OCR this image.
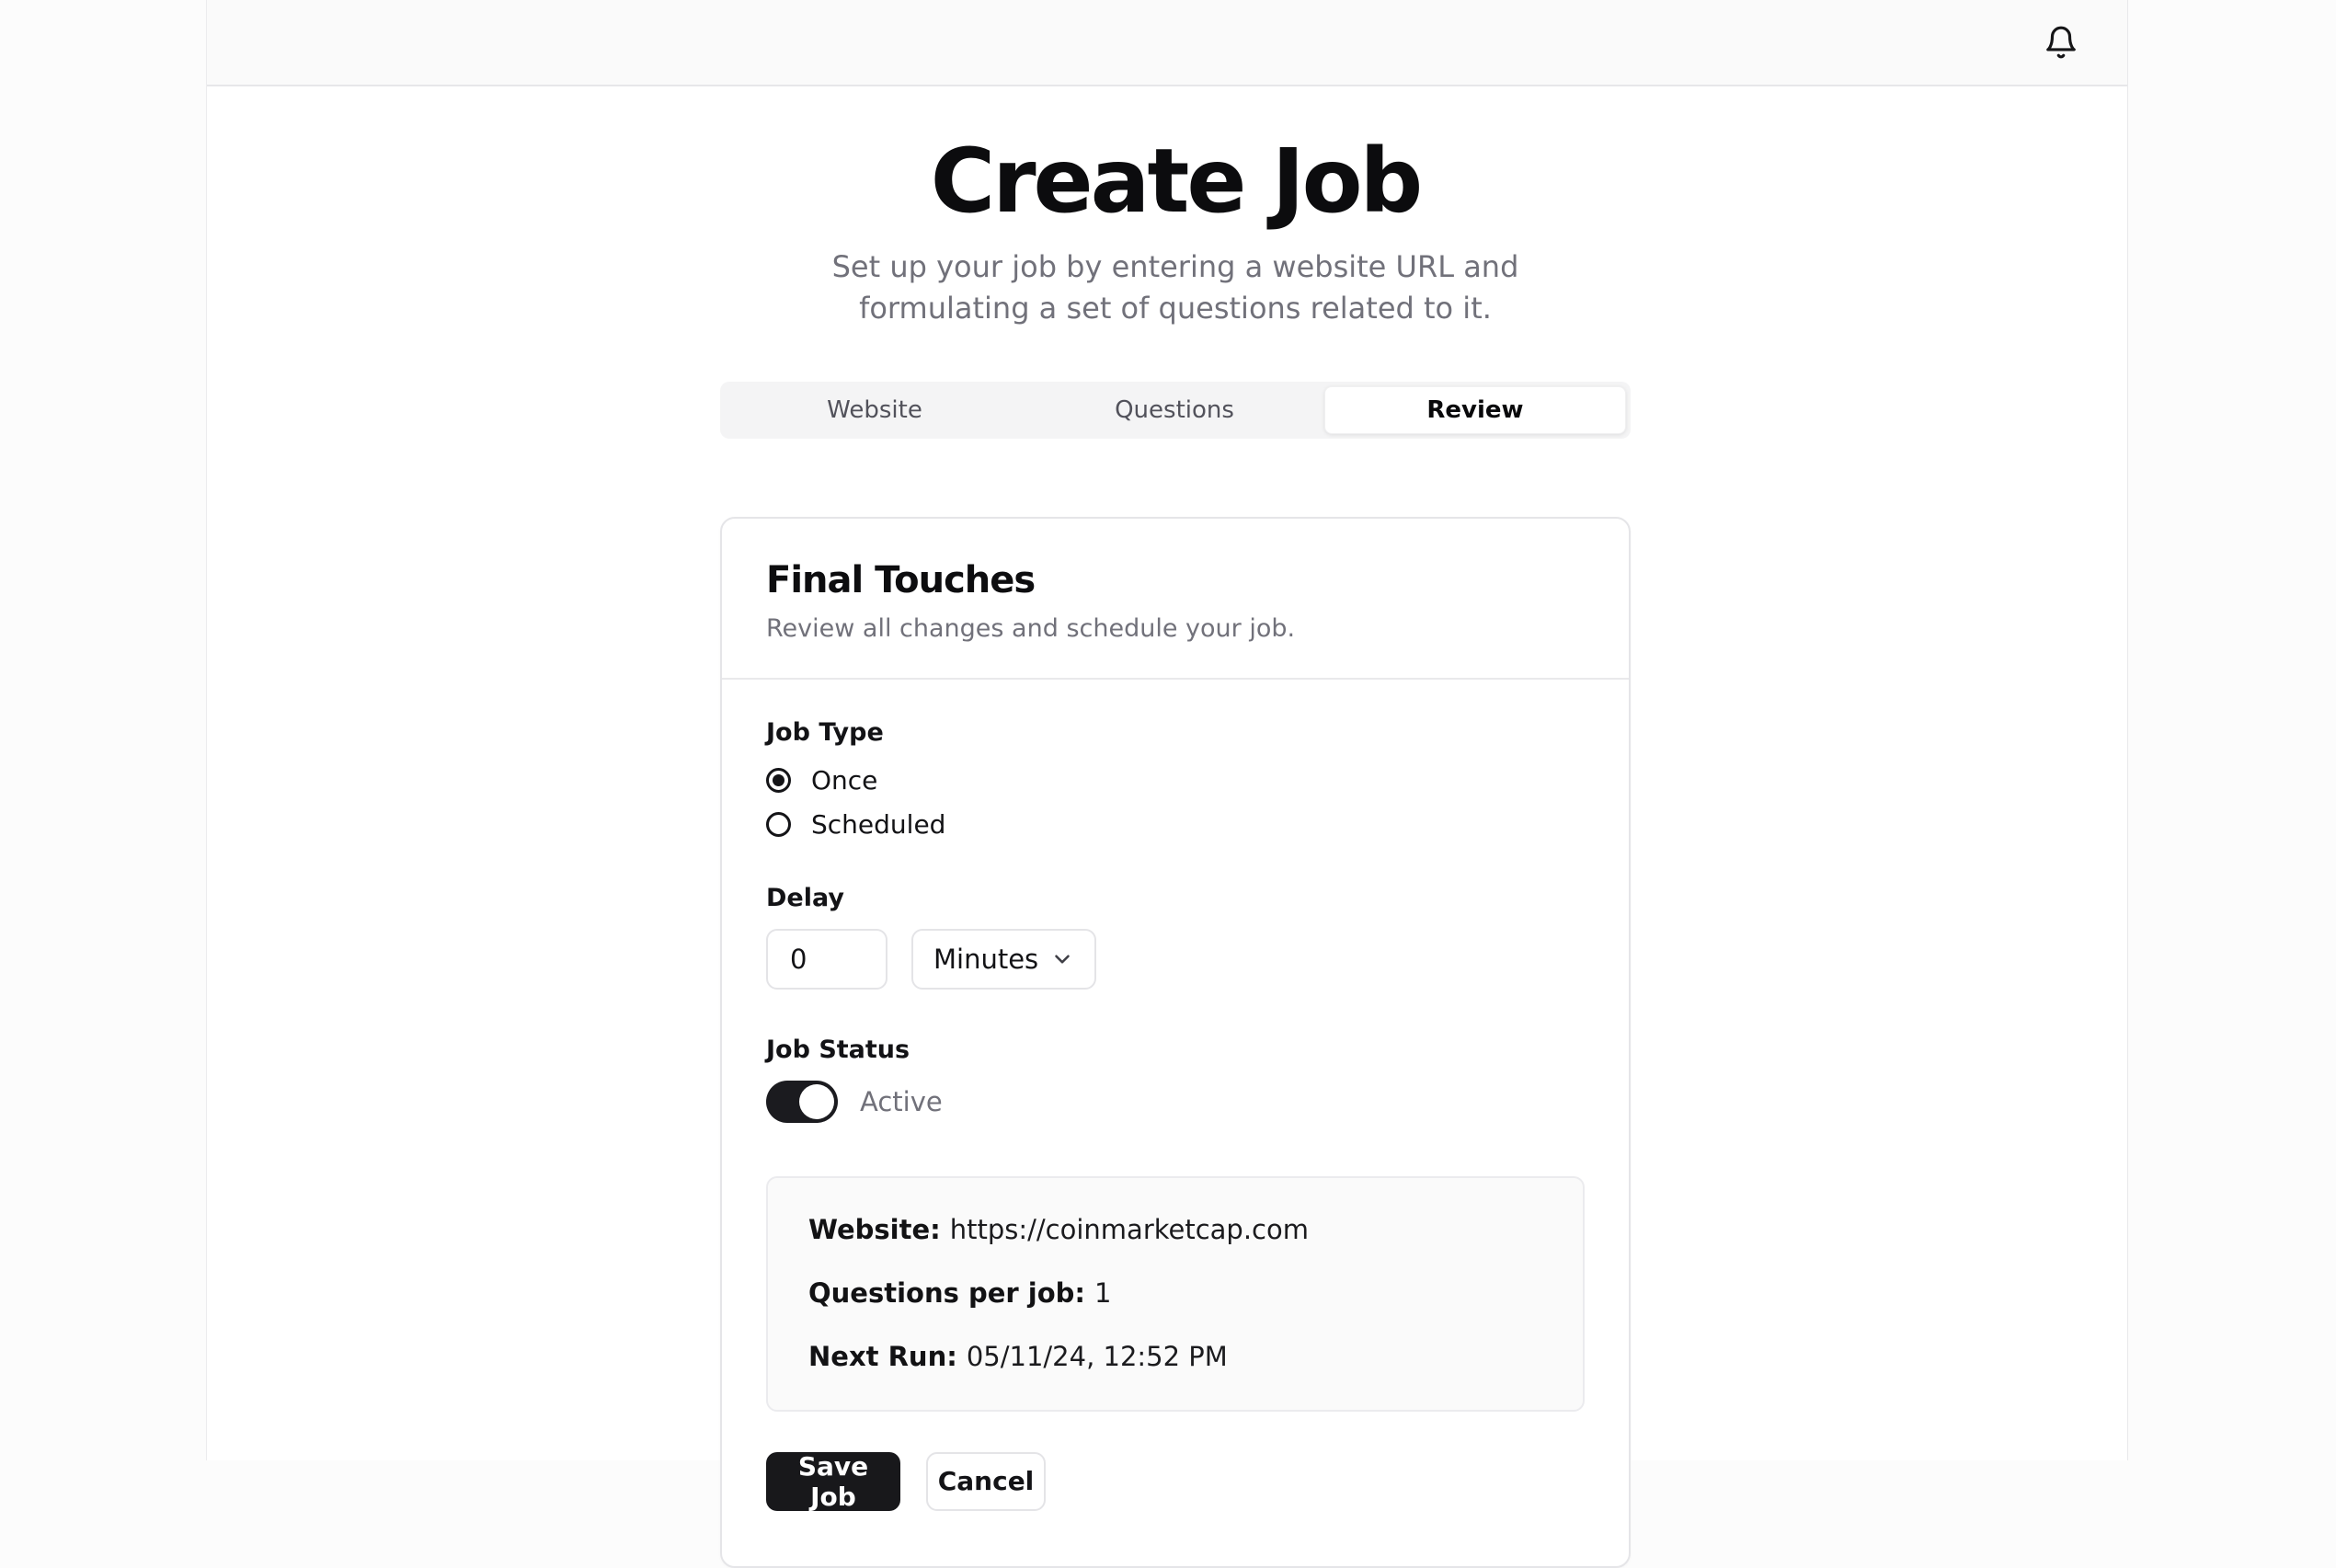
Create Job
Set up your job by entering a website URL and
formulating a set of questions related to it.
Website	Questions	Review
Final Touches

Review all changes and schedule your job.

Job Type
Once
Scheduled
Delay
0
Minutes
Job Status
Active
Website: https://coinmarketcap.com
Questions per job: 1
Next Run: 05/11/24, 12:52 PM
Save Job	Cancel
